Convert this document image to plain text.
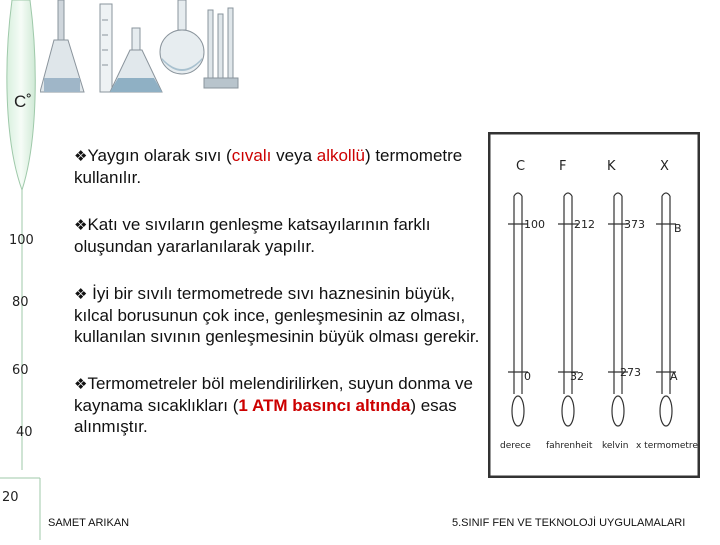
C˚
100
80
60
40
20
❖Yaygın olarak sıvı (cıvalı veya alkollü) termometre kullanılır.
❖Katı ve sıvıların genleşme katsayılarının farklı oluşundan yararlanılarak yapılır.
❖ İyi bir sıvılı termometrede sıvı haznesinin büyük, kılcal borusunun çok ince, genleşmesinin az olması, kullanılan sıvının genleşmesinin büyük olması gerekir.
❖Termometreler böl melendirilirken, suyun donma ve kaynama sıcaklıkları (1 ATM basıncı altında) esas alınmıştır.
C	F	K	X
100	212	373	B
0	32	273	A
derece fahrenheit kelvin x termometre
SAMET ARIKAN	5.SINIF FEN VE TEKNOLOJİ UYGULAMALARI
